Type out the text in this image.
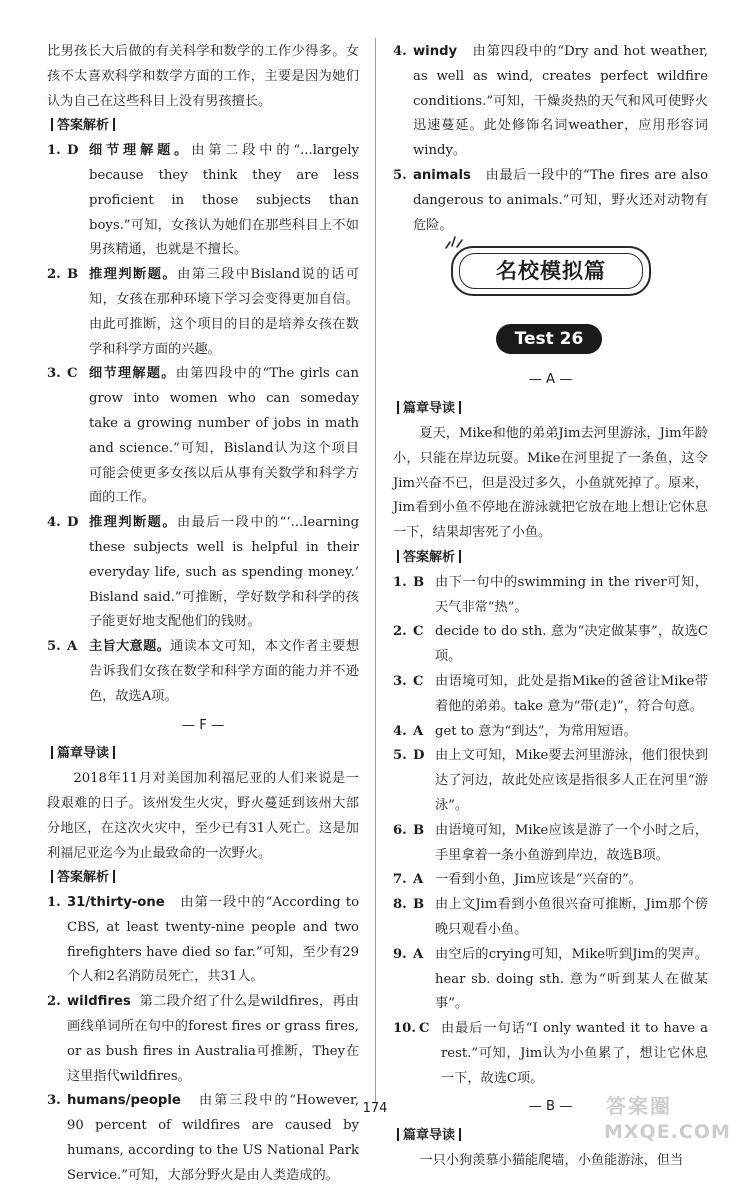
比男孩长大后做的有关科学和数学的工作少得多。女孩不太喜欢科学和数学方面的工作，主要是因为她们认为自己在这些科目上没有男孩擅长。

答案解析
1. D 细节理解题。由第二段中的“...largely because they think they are less proficient in those subjects than boys.”可知，女孩认为她们在那些科目上不如男孩精通，也就是不擅长。
2. B 推理判断题。由第三段中Bisland说的话可知，女孩在那种环境下学习会变得更加自信。由此可推断，这个项目的目的是培养女孩在数学和科学方面的兴趣。
3. C 细节理解题。由第四段中的“The girls can grow into women who can someday take a growing number of jobs in math and science.”可知，Bisland认为这个项目可能会使更多女孩以后从事有关数学和科学方面的工作。
4. D 推理判断题。由最后一段中的“‘...learning these subjects well is helpful in their everyday life, such as spending money.’ Bisland said.”可推断，学好数学和科学的孩子能更好地支配他们的钱财。
5. A 主旨大意题。通读本文可知，本文作者主要想告诉我们女孩在数学和科学方面的能力并不逊色，故选A项。
— F —
篇章导读

2018年11月对美国加利福尼亚的人们来说是一段艰难的日子。该州发生火灾，野火蔓延到该州大部分地区，在这次火灾中，至少已有31人死亡。这是加利福尼亚迄今为止最致命的一次野火。

答案解析
1. 31/thirty-one 由第一段中的“According to CBS, at least twenty-nine people and two firefighters have died so far.”可知，至少有29个人和2名消防员死亡，共31人。
2. wildfires 第二段介绍了什么是wildfires，再由画线单词所在句中的forest fires or grass fires, or as bush fires in Australia可推断，They在这里指代wildfires。
3. humans/people 由第三段中的“However, 90 percent of wildfires are caused by humans, according to the US National Park Service.”可知，大部分野火是由人类造成的。
4. windy 由第四段中的“Dry and hot weather, as well as wind, creates perfect wildfire conditions.”可知，干燥炎热的天气和风可使野火迅速蔓延。此处修饰名词weather，应用形容词windy。
5. animals 由最后一段中的“The fires are also dangerous to animals.”可知，野火还对动物有危险。
名校模拟篇
Test 26
— A —
篇章导读

夏天，Mike和他的弟弟Jim去河里游泳，Jim年龄小，只能在岸边玩耍。Mike在河里捉了一条鱼，这令Jim兴奋不已，但是没过多久，小鱼就死掉了。原来，Jim看到小鱼不停地在游泳就把它放在地上想让它休息一下，结果却害死了小鱼。

答案解析
1. B 由下一句中的swimming in the river可知，天气非常“热”。
2. C decide to do sth. 意为“决定做某事”，故选C项。
3. C 由语境可知，此处是指Mike的爸爸让Mike带着他的弟弟。take 意为“带(走)”，符合句意。
4. A get to 意为“到达”，为常用短语。
5. D 由上文可知，Mike要去河里游泳，他们很快到达了河边，故此处应该是指很多人正在河里“游泳”。
6. B 由语境可知，Mike应该是游了一个小时之后，手里拿着一条小鱼游到岸边，故选B项。
7. A 一看到小鱼，Jim应该是“兴奋的”。
8. B 由上文Jim看到小鱼很兴奋可推断，Jim那个傍晚只观看小鱼。
9. A 由空后的crying可知，Mike听到Jim的哭声。hear sb. doing sth. 意为“听到某人在做某事”。
10. C 由最后一句话“I only wanted it to have a rest.”可知，Jim认为小鱼累了，想让它休息一下，故选C项。
— B —
篇章导读

一只小狗羡慕小猫能爬墙，小鱼能游泳，但当

174	答案圈
MXQE.COM
